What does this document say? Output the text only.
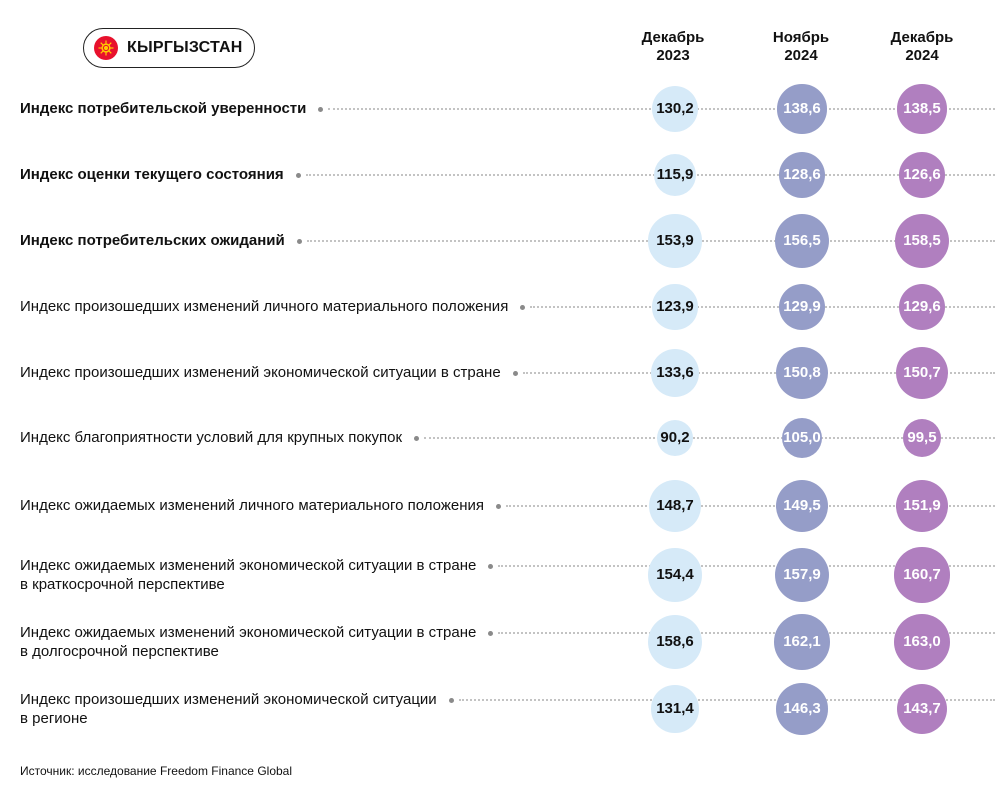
КЫРГЫЗСТАН
Декабрь
2023
Ноябрь
2024
Декабрь
2024
Индекс потребительской уверенности	130,2	138,6	138,5
Индекс оценки текущего состояния	115,9	128,6	126,6
Индекс потребительских ожиданий	153,9	156,5	158,5
Индекс произошедших изменений личного материального положения	123,9	129,9	129,6
Индекс произошедших изменений экономической ситуации в стране	133,6	150,8	150,7
Индекс благоприятности условий для крупных покупок	90,2	105,0	99,5
Индекс ожидаемых изменений личного материального положения	148,7	149,5	151,9
Индекс ожидаемых изменений экономической ситуации в стране
в краткосрочной перспективе
154,4	157,9	160,7
Индекс ожидаемых изменений экономической ситуации в стране
в долгосрочной перспективе
158,6	162,1	163,0
Индекс произошедших изменений экономической ситуации
в регионе
131,4	146,3	143,7
Источник: исследование Freedom Finance Global
